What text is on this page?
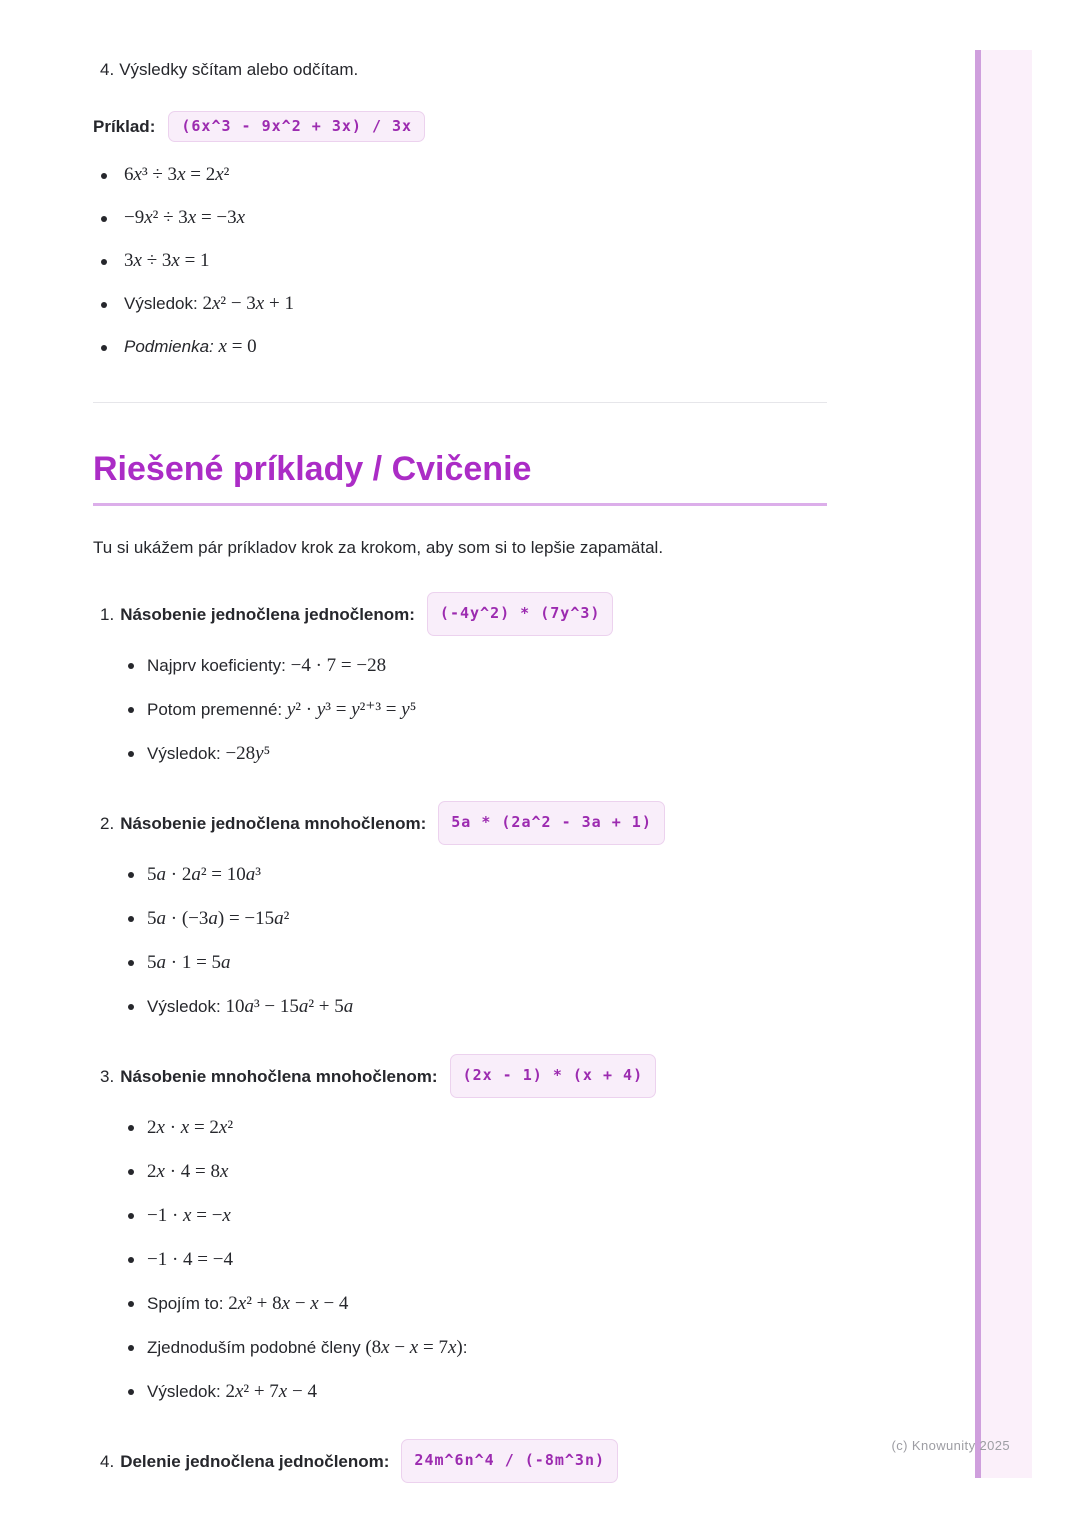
4. Výsledky sčítam alebo odčítam.
Príklad:	(6x^3 - 9x^2 + 3x) / 3x
6x³ ÷ 3x = 2x²
−9x² ÷ 3x = −3x
3x ÷ 3x = 1
Výsledok: 2x² − 3x + 1
Podmienka: x = 0
Riešené príklady / Cvičenie

Tu si ukážem pár príkladov krok za krokom, aby som si to lepšie zapamätal.

1. Násobenie jednočlena jednočlenom:	(-4y^2) * (7y^3)
Najprv koeficienty: −4 · 7 = −28
Potom premenné: y² · y³ = y²⁺³ = y⁵
Výsledok: −28y⁵
2. Násobenie jednočlena mnohočlenom:	5a * (2a^2 - 3a + 1)
5a · 2a² = 10a³
5a · (−3a) = −15a²
5a · 1 = 5a
Výsledok: 10a³ − 15a² + 5a
3. Násobenie mnohočlena mnohočlenom:	(2x - 1) * (x + 4)
2x · x = 2x²
2x · 4 = 8x
−1 · x = −x
−1 · 4 = −4
Spojím to: 2x² + 8x − x − 4
Zjednoduším podobné členy (8x − x = 7x):
Výsledok: 2x² + 7x − 4
4. Delenie jednočlena jednočlenom:	24m^6n^4 / (-8m^3n)
(c) Knowunity 2025
